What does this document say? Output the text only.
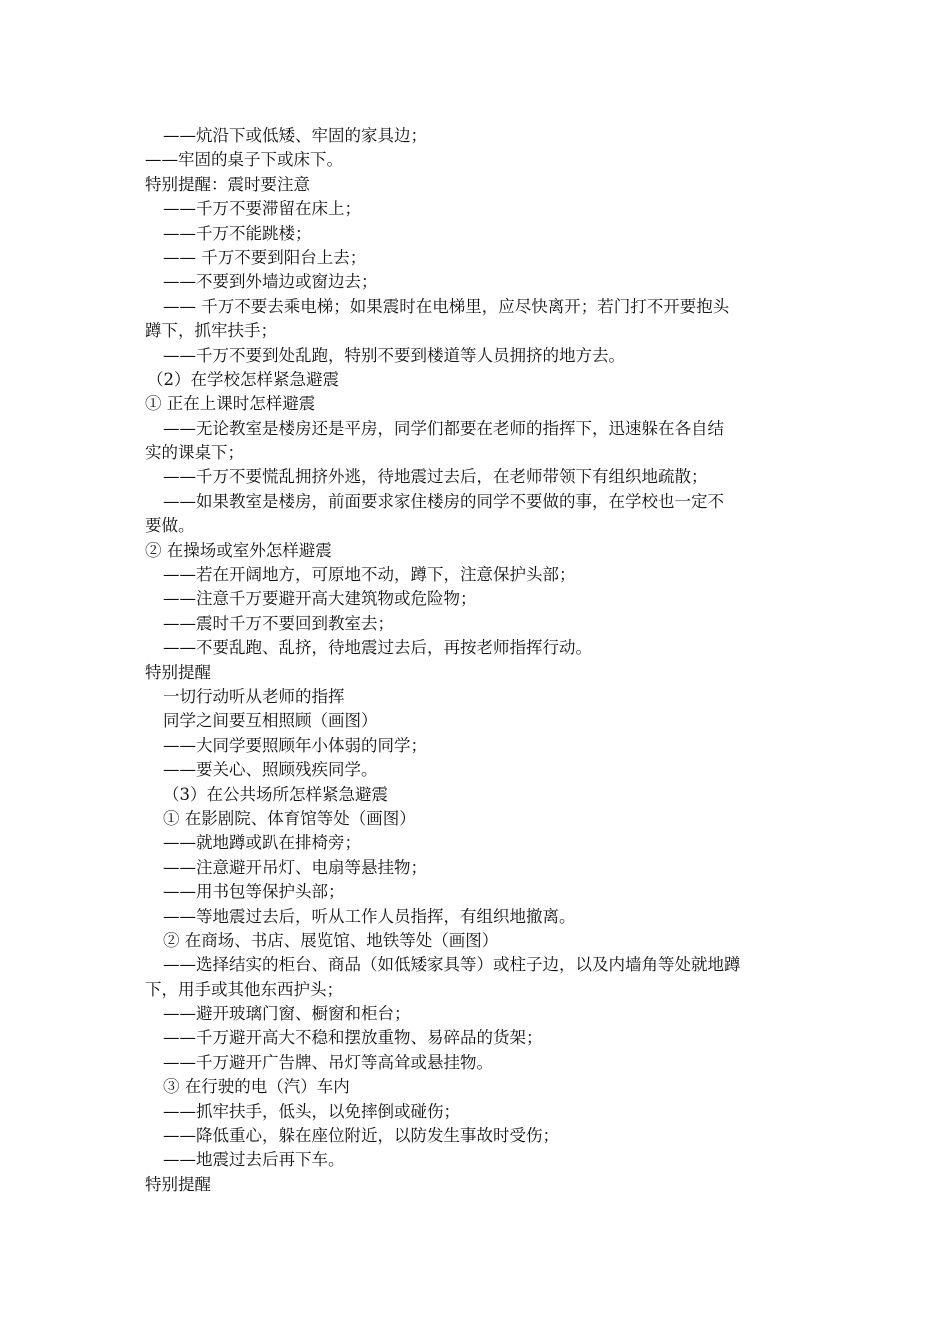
——炕沿下或低矮、牢固的家具边；
——牢固的桌子下或床下。
特别提醒：震时要注意
——千万不要滞留在床上；
——千万不能跳楼；
—— 千万不要到阳台上去；
——不要到外墙边或窗边去；
—— 千万不要去乘电梯；如果震时在电梯里，应尽快离开；若门打不开要抱头
蹲下，抓牢扶手；
——千万不要到处乱跑，特别不要到楼道等人员拥挤的地方去。
（2）在学校怎样紧急避震
① 正在上课时怎样避震
——无论教室是楼房还是平房，同学们都要在老师的指挥下，迅速躲在各自结
实的课桌下；
——千万不要慌乱拥挤外逃，待地震过去后，在老师带领下有组织地疏散；
——如果教室是楼房，前面要求家住楼房的同学不要做的事，在学校也一定不
要做。
② 在操场或室外怎样避震
——若在开阔地方，可原地不动，蹲下，注意保护头部；
——注意千万要避开高大建筑物或危险物；
——震时千万不要回到教室去；
——不要乱跑、乱挤，待地震过去后，再按老师指挥行动。
特别提醒
一切行动听从老师的指挥
同学之间要互相照顾（画图）
——大同学要照顾年小体弱的同学；
——要关心、照顾残疾同学。
（3）在公共场所怎样紧急避震
① 在影剧院、体育馆等处（画图）
——就地蹲或趴在排椅旁；
——注意避开吊灯、电扇等悬挂物；
——用书包等保护头部；
——等地震过去后，听从工作人员指挥，有组织地撤离。
② 在商场、书店、展览馆、地铁等处（画图）
——选择结实的柜台、商品（如低矮家具等）或柱子边，以及内墙角等处就地蹲
下，用手或其他东西护头；
——避开玻璃门窗、橱窗和柜台；
——千万避开高大不稳和摆放重物、易碎品的货架；
——千万避开广告牌、吊灯等高耸或悬挂物。
③ 在行驶的电（汽）车内
——抓牢扶手，低头，以免摔倒或碰伤；
——降低重心，躲在座位附近，以防发生事故时受伤；
——地震过去后再下车。
特别提醒
